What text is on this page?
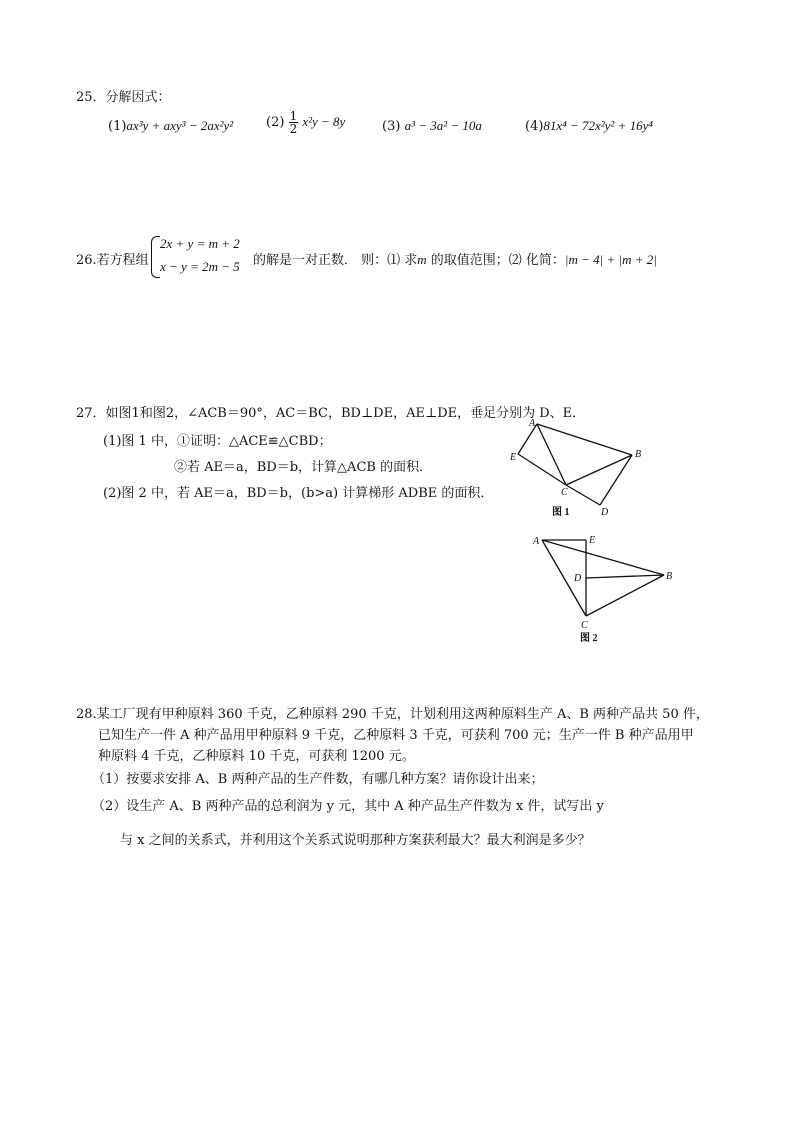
25．分解因式：
(1)ax³y + axy³ − 2ax²y²	$(2) \frac{1}{2} x^2y - 8y$	(3) a³ − 3a² − 10a	(4)81x⁴ − 72x²y² + 16y⁴
26.若方程组
2x + y = m + 2
x − y = 2m − 5 的解是一对正数． 则：⑴ 求m 的取值范围；⑵ 化简：|m − 4| + |m + 2|
27．如图1和图2，∠ACB＝90°，AC＝BC，BD⊥DE，AE⊥DE，垂足分别为 D、E．
(1)图 1 中，①证明：△ACE≌△CBD；
②若 AE＝a，BD＝b，计算△ACB 的面积．
(2)图 2 中，若 AE＝a，BD＝b，(b>a) 计算梯形 ADBE 的面积．
A
B
C
D
E
图 1
A	E
D	B
C
图 2
28.某工厂现有甲种原料 360 千克，乙种原料 290 千克，计划利用这两种原料生产 A、B 两种产品共 50 件，
已知生产一件 A 种产品用甲种原料 9 千克，乙种原料 3 千克，可获利 700 元；生产一件 B 种产品用甲
种原料 4 千克，乙种原料 10 千克，可获利 1200 元。
（1）按要求安排 A、B 两种产品的生产件数，有哪几种方案？请你设计出来；
（2）设生产 A、B 两种产品的总利润为 y 元，其中 A 种产品生产件数为 x 件，试写出 y
与 x 之间的关系式，并利用这个关系式说明那种方案获利最大？最大利润是多少？
